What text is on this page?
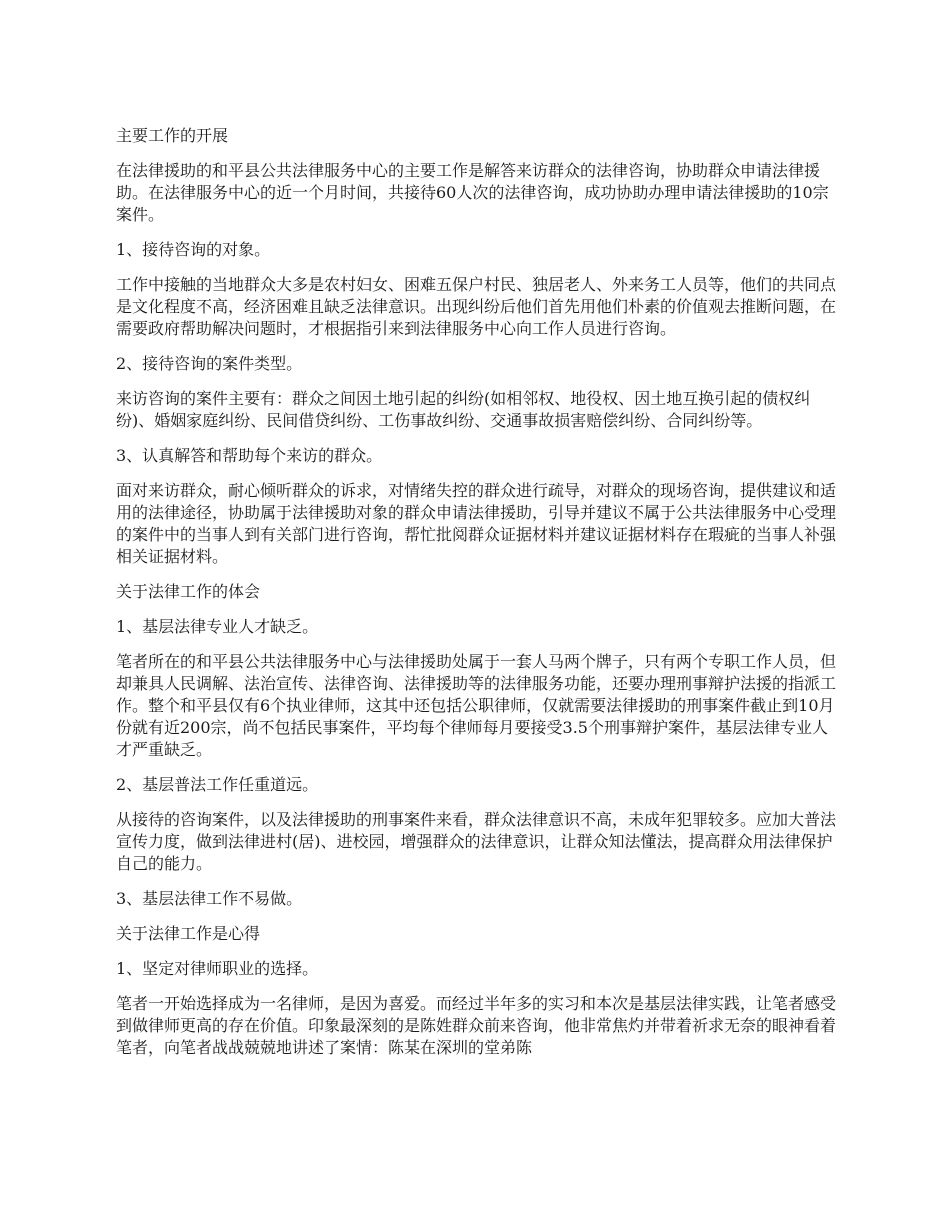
主要工作的开展

在法律援助的和平县公共法律服务中心的主要工作是解答来访群众的法律咨询，协助群众申请法律援助。在法律服务中心的近一个月时间，共接待60人次的法律咨询，成功协助办理申请法律援助的10宗案件。

1、接待咨询的对象。

工作中接触的当地群众大多是农村妇女、困难五保户村民、独居老人、外来务工人员等，他们的共同点是文化程度不高，经济困难且缺乏法律意识。出现纠纷后他们首先用他们朴素的价值观去推断问题，在需要政府帮助解决问题时，才根据指引来到法律服务中心向工作人员进行咨询。

2、接待咨询的案件类型。

来访咨询的案件主要有：群众之间因土地引起的纠纷(如相邻权、地役权、因土地互换引起的债权纠纷)、婚姻家庭纠纷、民间借贷纠纷、工伤事故纠纷、交通事故损害赔偿纠纷、合同纠纷等。

3、认真解答和帮助每个来访的群众。

面对来访群众，耐心倾听群众的诉求，对情绪失控的群众进行疏导，对群众的现场咨询，提供建议和适用的法律途径，协助属于法律援助对象的群众申请法律援助，引导并建议不属于公共法律服务中心受理的案件中的当事人到有关部门进行咨询，帮忙批阅群众证据材料并建议证据材料存在瑕疵的当事人补强相关证据材料。

关于法律工作的体会

1、基层法律专业人才缺乏。

笔者所在的和平县公共法律服务中心与法律援助处属于一套人马两个牌子，只有两个专职工作人员，但却兼具人民调解、法治宣传、法律咨询、法律援助等的法律服务功能，还要办理刑事辩护法援的指派工作。整个和平县仅有6个执业律师，这其中还包括公职律师，仅就需要法律援助的刑事案件截止到10月份就有近200宗，尚不包括民事案件，平均每个律师每月要接受3.5个刑事辩护案件，基层法律专业人才严重缺乏。

2、基层普法工作任重道远。

从接待的咨询案件，以及法律援助的刑事案件来看，群众法律意识不高，未成年犯罪较多。应加大普法宣传力度，做到法律进村(居)、进校园，增强群众的法律意识，让群众知法懂法，提高群众用法律保护自己的能力。

3、基层法律工作不易做。

关于法律工作是心得

1、坚定对律师职业的选择。

笔者一开始选择成为一名律师，是因为喜爱。而经过半年多的实习和本次是基层法律实践，让笔者感受到做律师更高的存在价值。印象最深刻的是陈姓群众前来咨询，他非常焦灼并带着祈求无奈的眼神看着笔者，向笔者战战兢兢地讲述了案情：陈某在深圳的堂弟陈
